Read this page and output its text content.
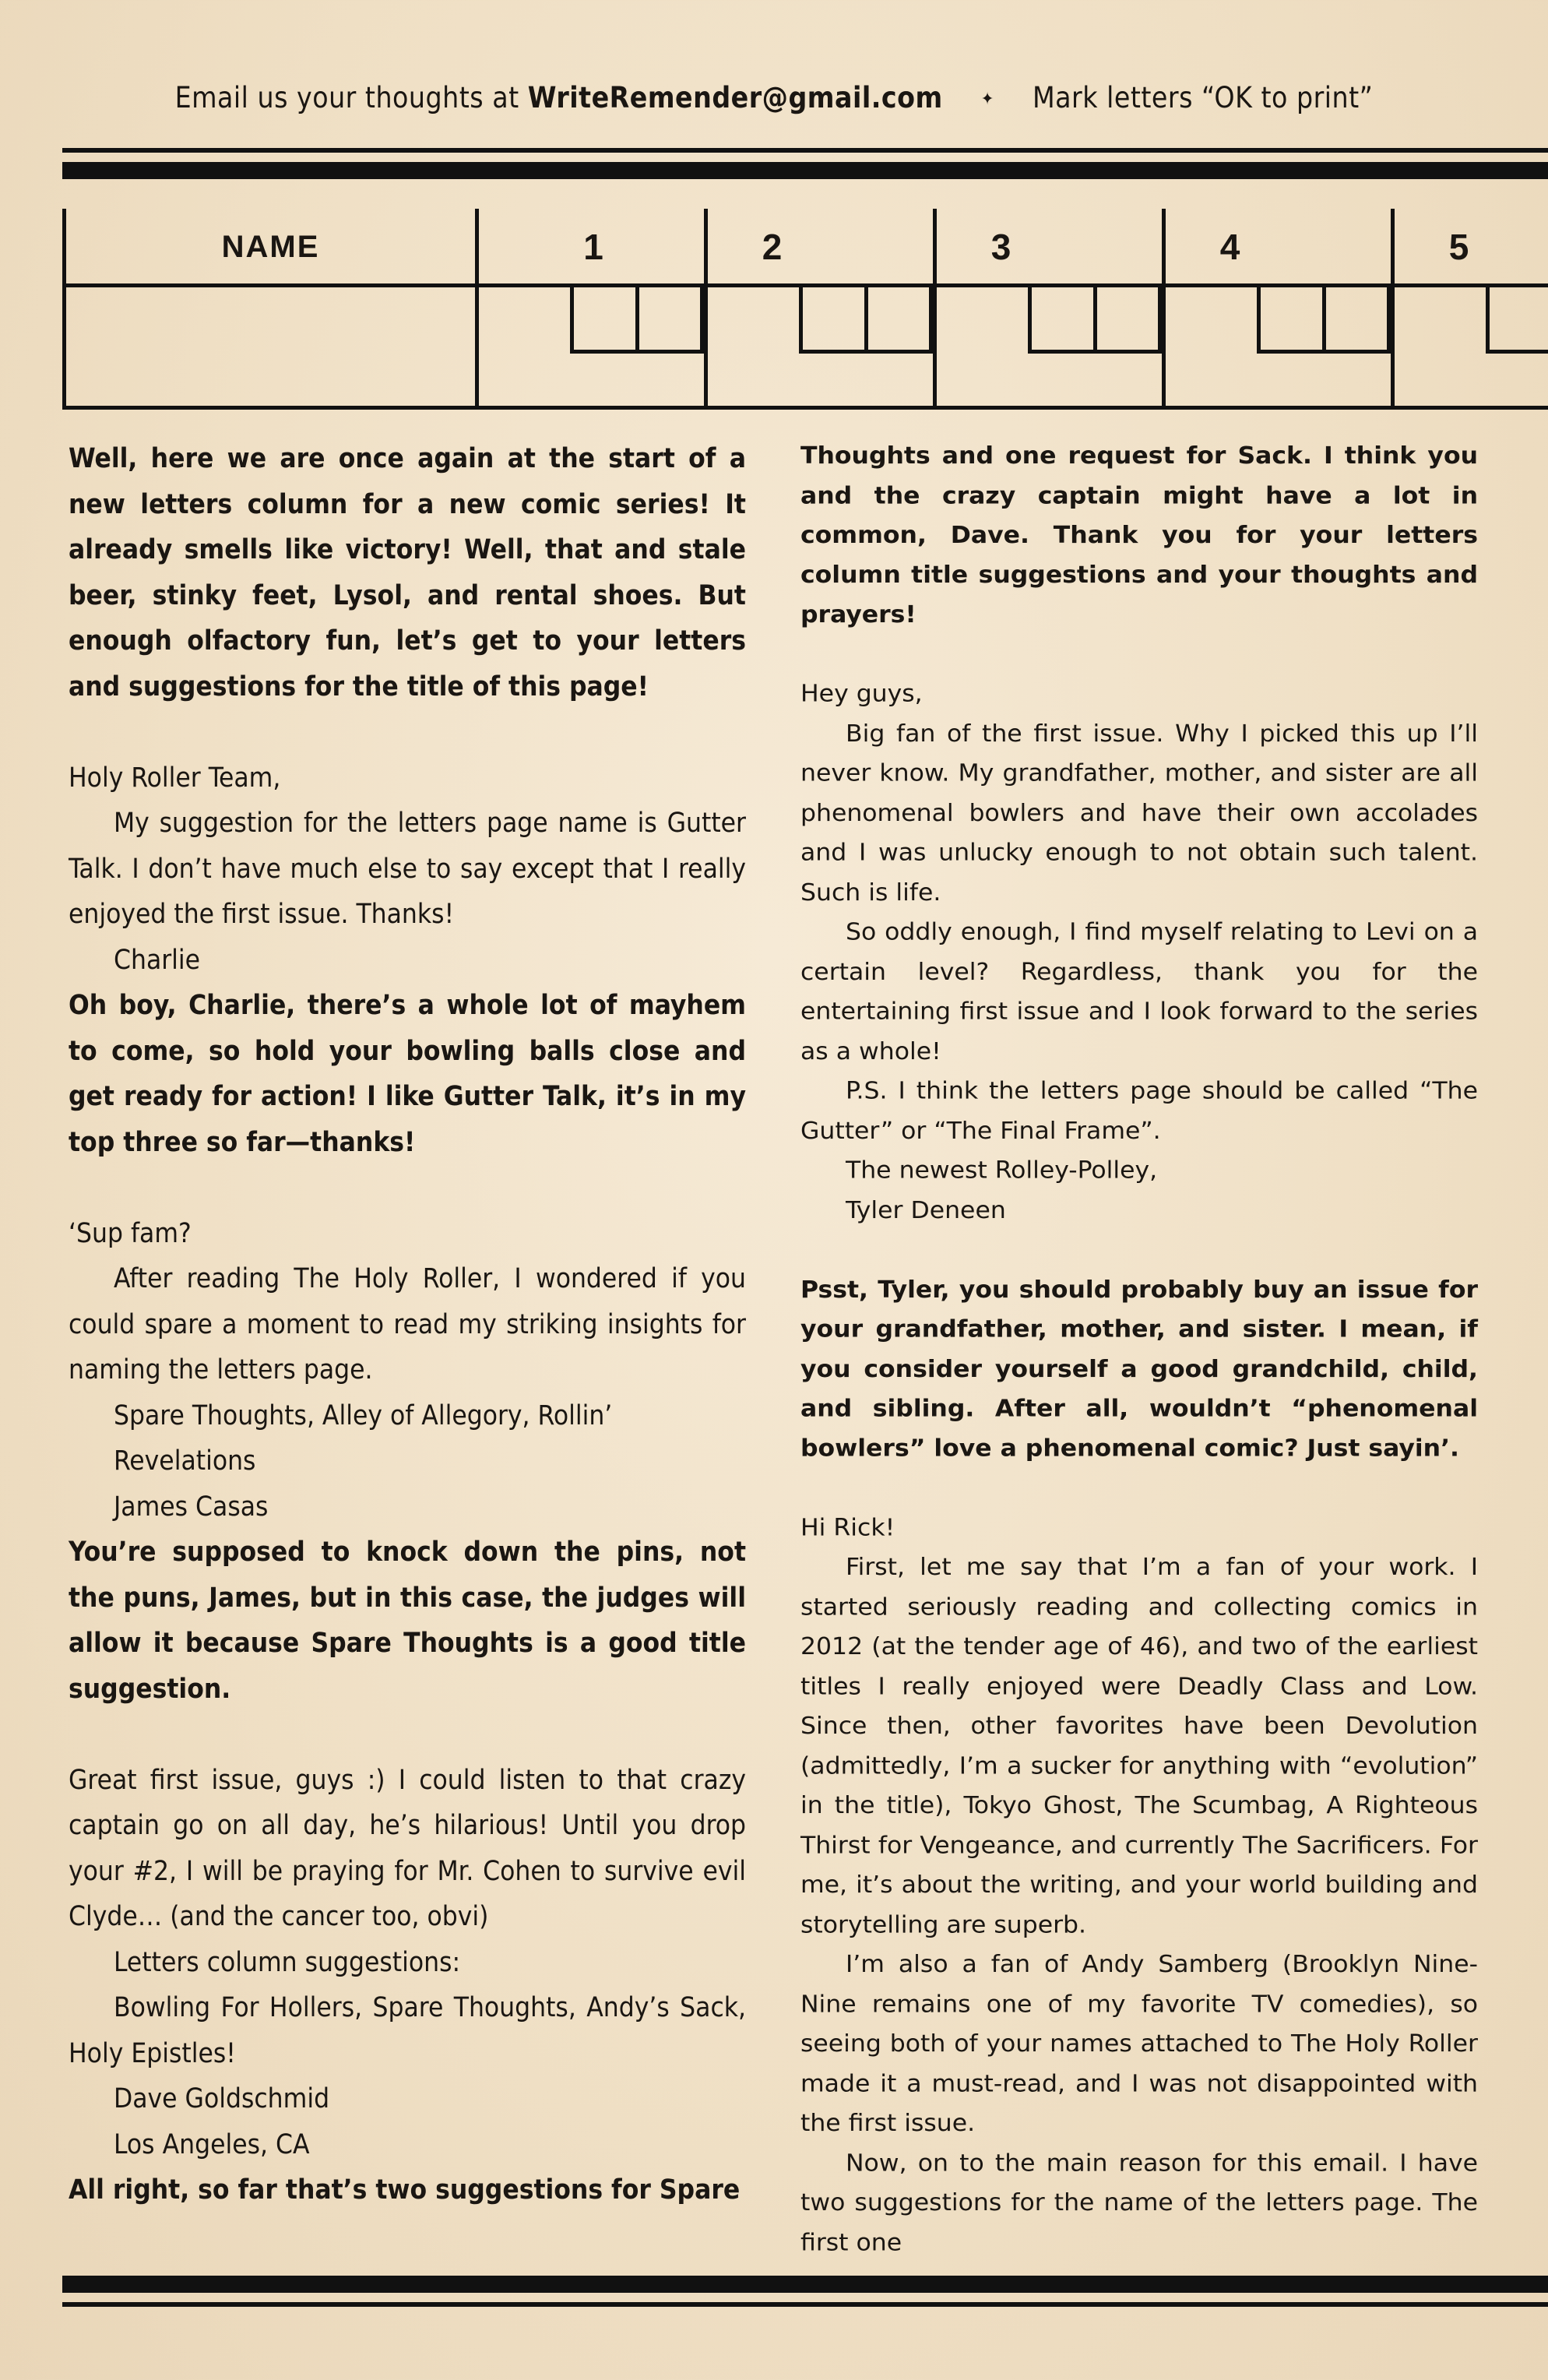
Email us your thoughts at WriteRemender@gmail.com ✦ Mark letters “OK to print”
NAME	1	2	3	4	5

Well, here we are once again at the start of a new letters column for a new comic series! It already smells like victory! Well, that and stale beer, stinky feet, Lysol, and rental shoes. But enough olfactory fun, let’s get to your letters and suggestions for the title of this page!

Holy Roller Team,

My suggestion for the letters page name is Gutter Talk. I don’t have much else to say except that I really enjoyed the first issue. Thanks!

Charlie

Oh boy, Charlie, there’s a whole lot of mayhem to come, so hold your bowling balls close and get ready for action! I like Gutter Talk, it’s in my top three so far—thanks!

‘Sup fam?

After reading The Holy Roller, I wondered if you could spare a moment to read my striking insights for naming the letters page.

Spare Thoughts, Alley of Allegory, Rollin’ Revelations

James Casas

You’re supposed to knock down the pins, not the puns, James, but in this case, the judges will allow it because Spare Thoughts is a good title suggestion.

Great first issue, guys :) I could listen to that crazy captain go on all day, he’s hilarious! Until you drop your #2, I will be praying for Mr. Cohen to survive evil Clyde… (and the cancer too, obvi)

Letters column suggestions:

Bowling For Hollers, Spare Thoughts, Andy’s Sack, Holy Epistles!

Dave Goldschmid

Los Angeles, CA

All right, so far that’s two suggestions for Spare

Thoughts and one request for Sack. I think you and the crazy captain might have a lot in common, Dave. Thank you for your letters column title suggestions and your thoughts and prayers!

Hey guys,

Big fan of the first issue. Why I picked this up I’ll never know. My grandfather, mother, and sister are all phenomenal bowlers and have their own accolades and I was unlucky enough to not obtain such talent. Such is life.

So oddly enough, I find myself relating to Levi on a certain level? Regardless, thank you for the entertaining first issue and I look forward to the series as a whole!

P.S. I think the letters page should be called “The Gutter” or “The Final Frame”.

The newest Rolley-Polley,

Tyler Deneen

Psst, Tyler, you should probably buy an issue for your grandfather, mother, and sister. I mean, if you consider yourself a good grandchild, child, and sibling. After all, wouldn’t “phenomenal bowlers” love a phenomenal comic? Just sayin’.

Hi Rick!

First, let me say that I’m a fan of your work. I started seriously reading and collecting comics in 2012 (at the tender age of 46), and two of the earliest titles I really enjoyed were Deadly Class and Low. Since then, other favorites have been Devolution (admittedly, I’m a sucker for anything with “evolution” in the title), Tokyo Ghost, The Scumbag, A Righteous Thirst for Vengeance, and currently The Sacrificers. For me, it’s about the writing, and your world building and storytelling are superb.

I’m also a fan of Andy Samberg (Brooklyn Nine-Nine remains one of my favorite TV comedies), so seeing both of your names attached to The Holy Roller made it a must-read, and I was not disappointed with the first issue.

Now, on to the main reason for this email. I have two suggestions for the name of the letters page. The first one
